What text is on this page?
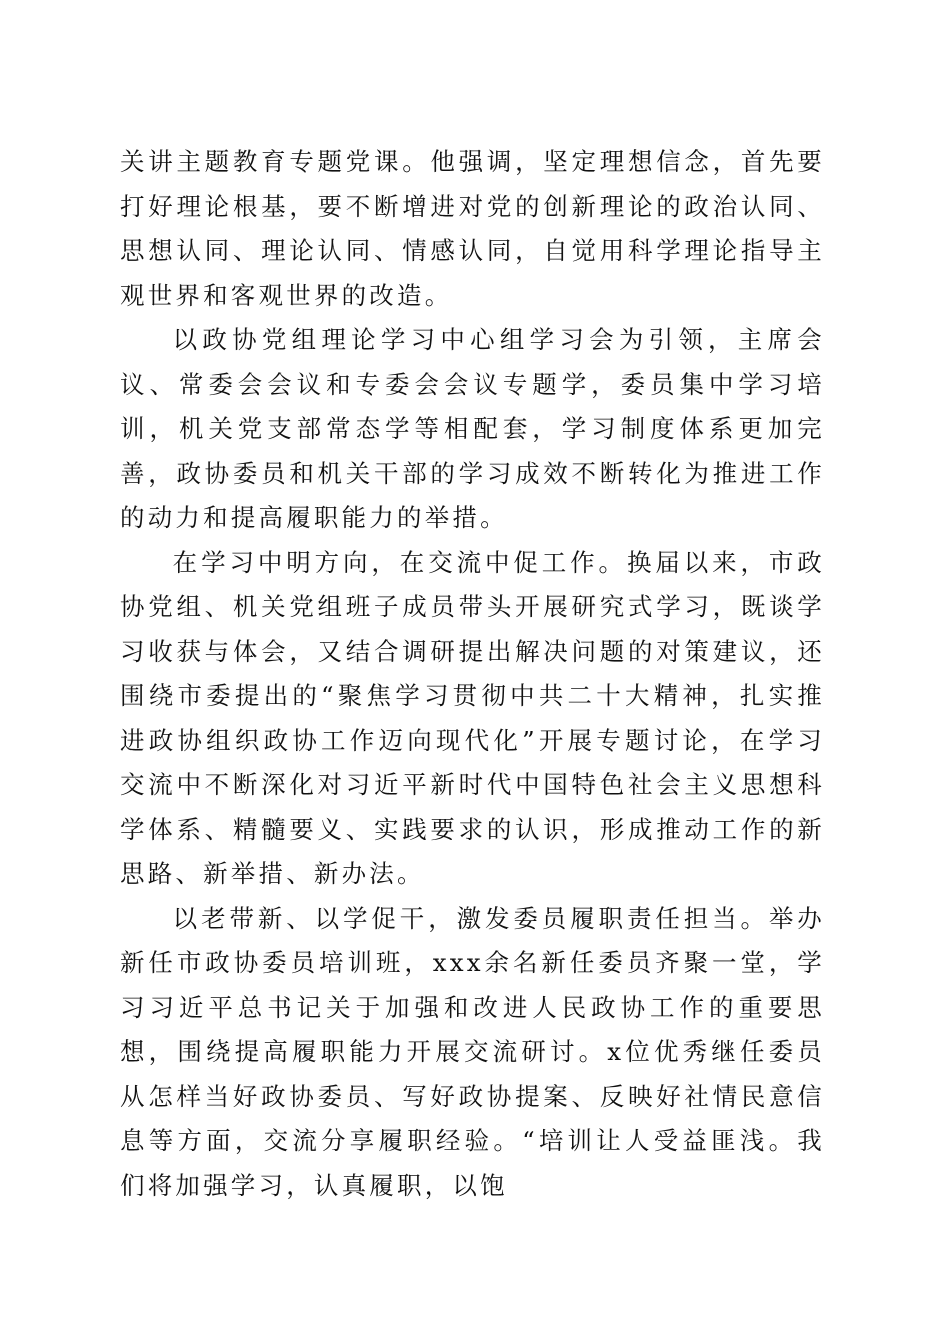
关讲主题教育专题党课。他强调，坚定理想信念，首先要打好理论根基，要不断增进对党的创新理论的政治认同、思想认同、理论认同、情感认同，自觉用科学理论指导主观世界和客观世界的改造。

以政协党组理论学习中心组学习会为引领，主席会议、常委会会议和专委会会议专题学，委员集中学习培训，机关党支部常态学等相配套，学习制度体系更加完善，政协委员和机关干部的学习成效不断转化为推进工作的动力和提高履职能力的举措。

在学习中明方向，在交流中促工作。换届以来，市政协党组、机关党组班子成员带头开展研究式学习，既谈学习收获与体会，又结合调研提出解决问题的对策建议，还围绕市委提出的“聚焦学习贯彻中共二十大精神，扎实推进政协组织政协工作迈向现代化”开展专题讨论，在学习交流中不断深化对习近平新时代中国特色社会主义思想科学体系、精髓要义、实践要求的认识，形成推动工作的新思路、新举措、新办法。

以老带新、以学促干，激发委员履职责任担当。举办新任市政协委员培训班，xxx余名新任委员齐聚一堂，学习习近平总书记关于加强和改进人民政协工作的重要思想，围绕提高履职能力开展交流研讨。x位优秀继任委员从怎样当好政协委员、写好政协提案、反映好社情民意信息等方面，交流分享履职经验。“培训让人受益匪浅。我们将加强学习，认真履职，以饱
